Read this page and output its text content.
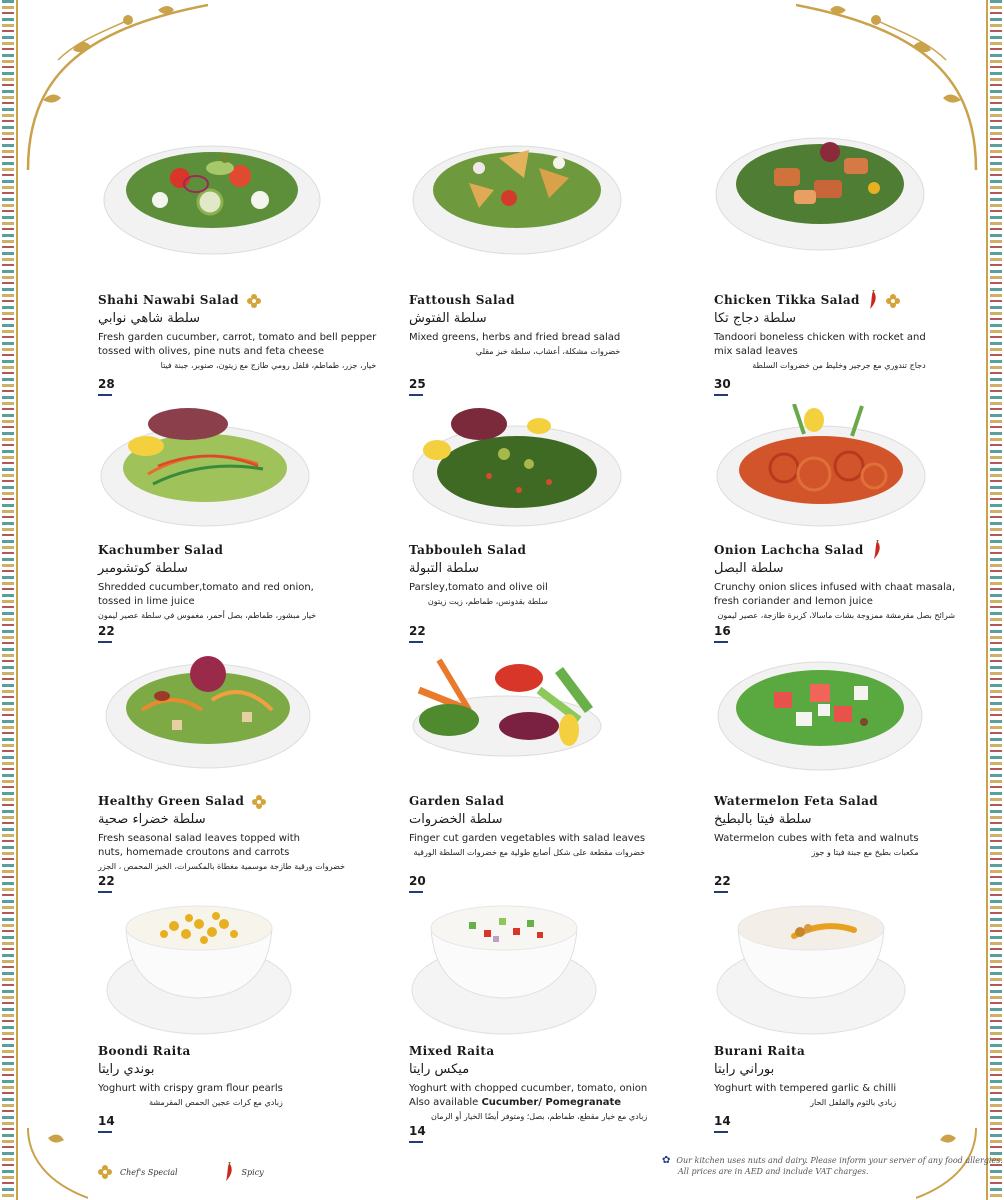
Shahi Nawabi Salad
سلطة شاهي نوابي
Fresh garden cucumber, carrot, tomato and bell pepper
tossed with olives, pine nuts and feta cheese
خيار، جزر، طماطم، فلفل رومي طازج مع زيتون، صنوبر، جبنة فيتا
28
Fattoush Salad
سلطة الفتوش
Mixed greens, herbs and fried bread salad
خضروات مشكلة، أعشاب، سلطة خبز مقلي
25
Chicken Tikka Salad
سلطة دجاج تكا
Tandoori boneless chicken with rocket and
mix salad leaves
دجاج تندوري مع جرجير وخليط من خضروات السلطة
30
Kachumber Salad
سلطة كوتشومبر
Shredded cucumber,tomato and red onion,
tossed in lime juice
خيار مبشور، طماطم، بصل أحمر، مغموس في سلطة عصير ليمون
22
Tabbouleh Salad
سلطة التبولة
Parsley,tomato and olive oil
سلطة بقدونس، طماطم، زيت زيتون
22
Onion Lachcha Salad
سلطة البصل
Crunchy onion slices infused with chaat masala,
fresh coriander and lemon juice
شرائح بصل مقرمشة ممزوجة بشات ماسالا، كزبرة طازجة، عصير ليمون
16
Healthy Green Salad
سلطة خضراء صحية
Fresh seasonal salad leaves topped with
nuts, homemade croutons and carrots
خضروات ورقية طازجة موسمية مغطاة بالمكسرات، الخبز المحمص ، الجزر
22
Garden Salad
سلطة الخضروات
Finger cut garden vegetables with salad leaves
خضروات مقطعة على شكل أصابع طولية مع خضروات السلطة الورقية
20
Watermelon Feta Salad
سلطة فيتا بالبطيخ
Watermelon cubes with feta and walnuts
مكعبات بطيخ مع جبنة فيتا و جوز
22
Boondi Raita
بوندي رايتا
Yoghurt with crispy gram flour pearls
زبادي مع كرات عجين الحمص المقرمشة
14
Mixed Raita
ميكس رايتا
Yoghurt with chopped cucumber, tomato, onion
Also available Cucumber/ Pomegranate
زبادي مع خيار مقطع، طماطم، بصل؛ ومتوفر أيضًا الخيار أو الرمان
14
Burani Raita
بوراني رايتا
Yoghurt with tempered garlic & chilli
زبادي بالثوم والفلفل الحار
14
Chef's Special	Spicy
✿ Our kitchen uses nuts and dairy. Please inform your server of any food allergies.
All prices are in AED and include VAT charges.
